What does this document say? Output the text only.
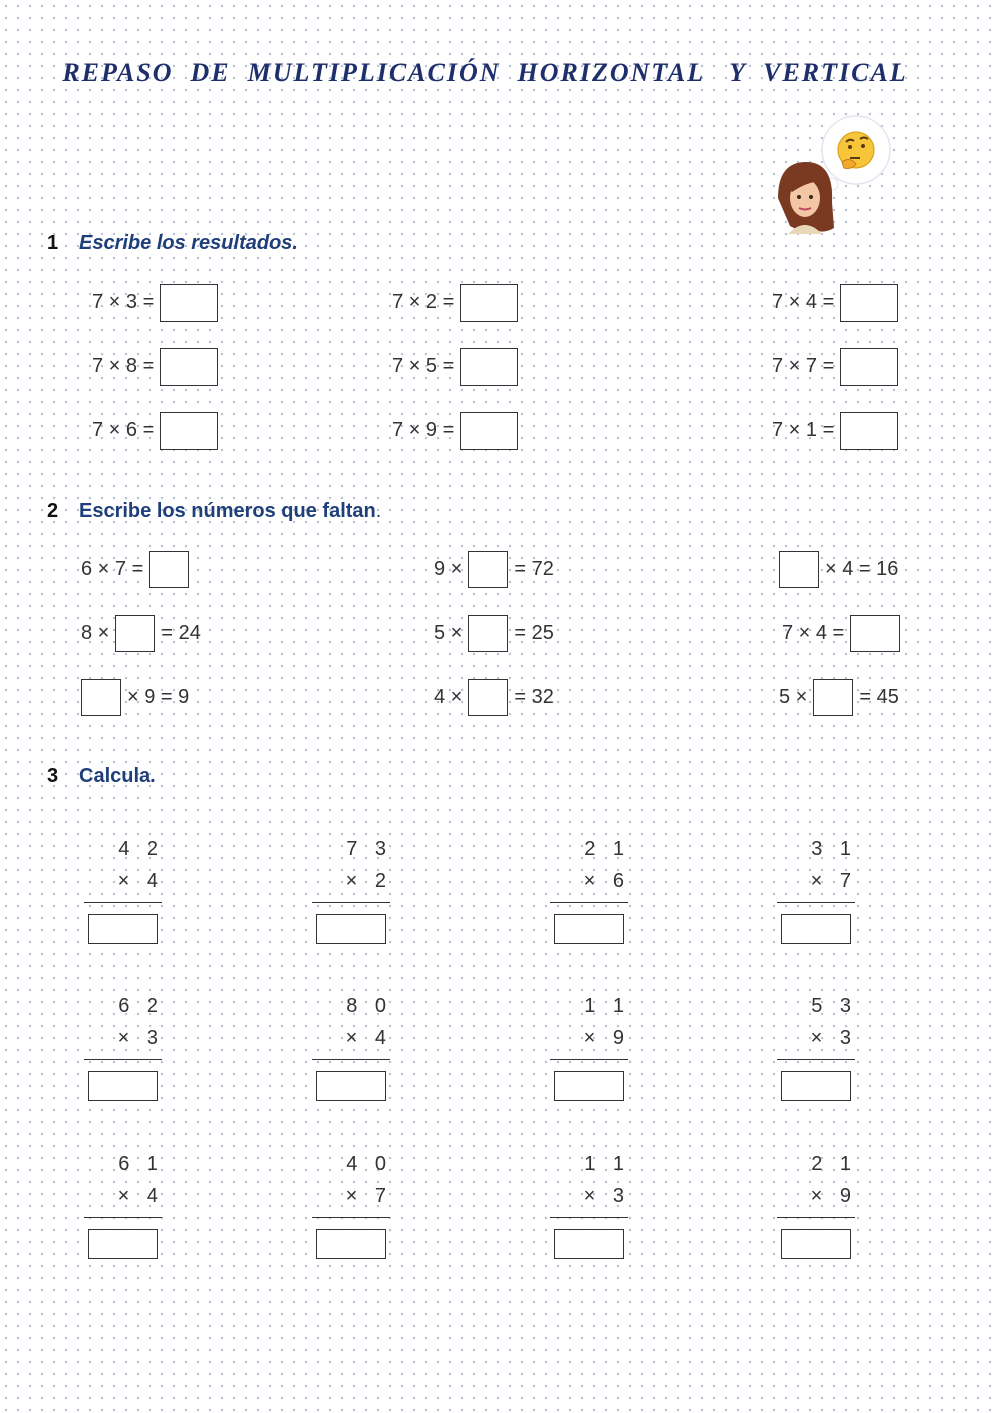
REPASO  DE  MULTIPLICACIÓN  HORIZONTAL   Y  VERTICAL
1 Escribe los resultados.
7 × 3 =	7 × 2 =	7 × 4 =
7 × 8 =	7 × 5 =	7 × 7 =
7 × 6 =	7 × 9 =	7 × 1 =
2 Escribe los números que faltan.
6 × 7 =	9 ×	= 72	× 4 = 16
8 ×	= 24	5 ×	= 25	7 × 4 =
× 9 = 9	4 ×	= 32	5 ×	= 45
3 Calcula.
4 2
× 4
7 3
× 2
2 1
× 6
3 1
× 7
6 2
× 3
8 0
× 4
1 1
× 9
5 3
× 3
6 1
× 4
4 0
× 7
1 1
× 3
2 1
× 9
